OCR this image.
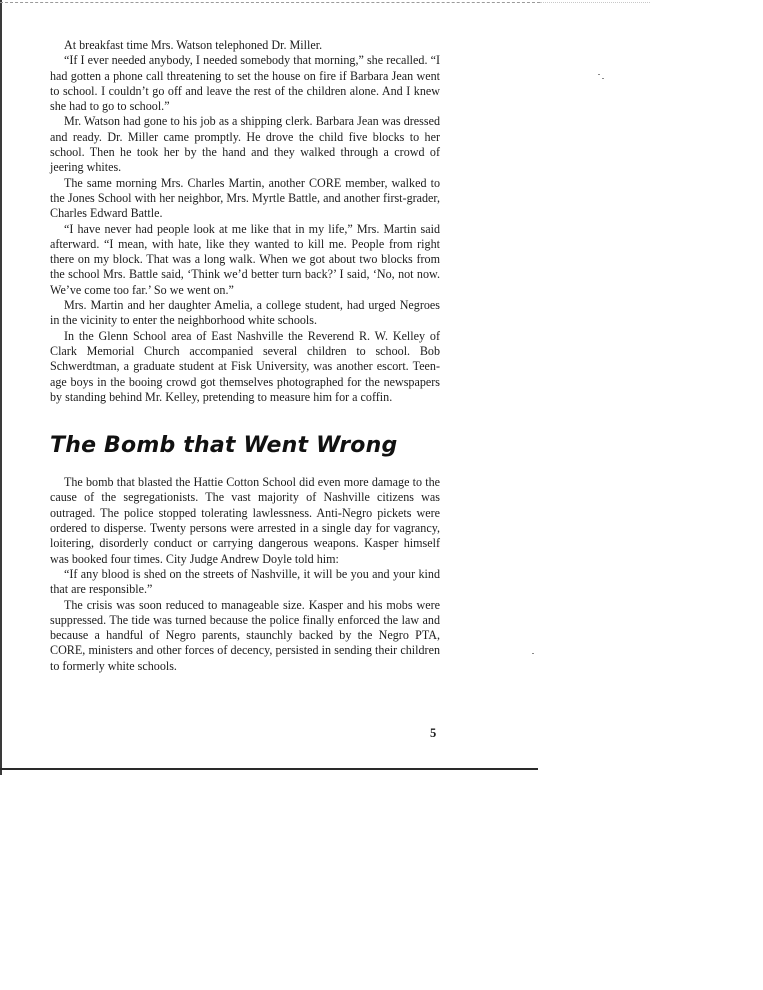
At breakfast time Mrs. Watson telephoned Dr. Miller.

“If I ever needed anybody, I needed somebody that morning,” she recalled. “I had gotten a phone call threatening to set the house on fire if Barbara Jean went to school. I couldn’t go off and leave the rest of the children alone. And I knew she had to go to school.”

Mr. Watson had gone to his job as a shipping clerk. Barbara Jean was dressed and ready. Dr. Miller came promptly. He drove the child five blocks to her school. Then he took her by the hand and they walked through a crowd of jeering whites.

The same morning Mrs. Charles Martin, another CORE member, walked to the Jones School with her neighbor, Mrs. Myrtle Battle, and another first-grader, Charles Edward Battle.

“I have never had people look at me like that in my life,” Mrs. Martin said afterward. “I mean, with hate, like they wanted to kill me. People from right there on my block. That was a long walk. When we got about two blocks from the school Mrs. Battle said, ‘Think we’d better turn back?’ I said, ‘No, not now. We’ve come too far.’ So we went on.”

Mrs. Martin and her daughter Amelia, a college student, had urged Negroes in the vicinity to enter the neighborhood white schools.

In the Glenn School area of East Nashville the Reverend R. W. Kelley of Clark Memorial Church accompanied several children to school. Bob Schwerdtman, a graduate student at Fisk University, was another escort. Teen-age boys in the booing crowd got themselves photographed for the newspapers by standing behind Mr. Kelley, pretending to measure him for a coffin.

The Bomb that Went Wrong

The bomb that blasted the Hattie Cotton School did even more damage to the cause of the segregationists. The vast majority of Nashville citizens was outraged. The police stopped tolerating lawlessness. Anti-Negro pickets were ordered to disperse. Twenty persons were arrested in a single day for vagrancy, loitering, disorderly conduct or carrying dangerous weapons. Kasper himself was booked four times. City Judge Andrew Doyle told him:

“If any blood is shed on the streets of Nashville, it will be you and your kind that are responsible.”

The crisis was soon reduced to manageable size. Kasper and his mobs were suppressed. The tide was turned because the police finally enforced the law and because a handful of Negro parents, staunchly backed by the Negro PTA, CORE, ministers and other forces of decency, persisted in sending their children to formerly white schools.

5
